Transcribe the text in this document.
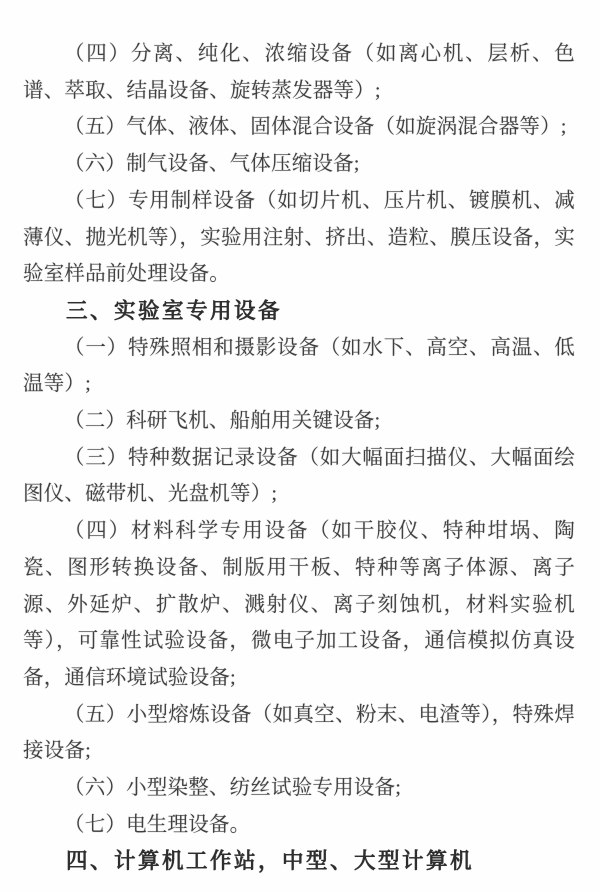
（四）分离、纯化、浓缩设备（如离心机、层析、色谱、萃取、结晶设备、旋转蒸发器等）;

（五）气体、液体、固体混合设备（如旋涡混合器等）;

（六）制气设备、气体压缩设备;

（七）专用制样设备（如切片机、压片机、镀膜机、减薄仪、抛光机等），实验用注射、挤出、造粒、膜压设备，实验室样品前处理设备。

三、实验室专用设备

（一）特殊照相和摄影设备（如水下、高空、高温、低温等）;

（二）科研飞机、船舶用关键设备;

（三）特种数据记录设备（如大幅面扫描仪、大幅面绘图仪、磁带机、光盘机等）;

（四）材料科学专用设备（如干胶仪、特种坩埚、陶瓷、图形转换设备、制版用干板、特种等离子体源、离子源、外延炉、扩散炉、溅射仪、离子刻蚀机，材料实验机等），可靠性试验设备，微电子加工设备，通信模拟仿真设备，通信环境试验设备;

（五）小型熔炼设备（如真空、粉末、电渣等），特殊焊接设备;

（六）小型染整、纺丝试验专用设备;

（七）电生理设备。

四、计算机工作站，中型、大型计算机
